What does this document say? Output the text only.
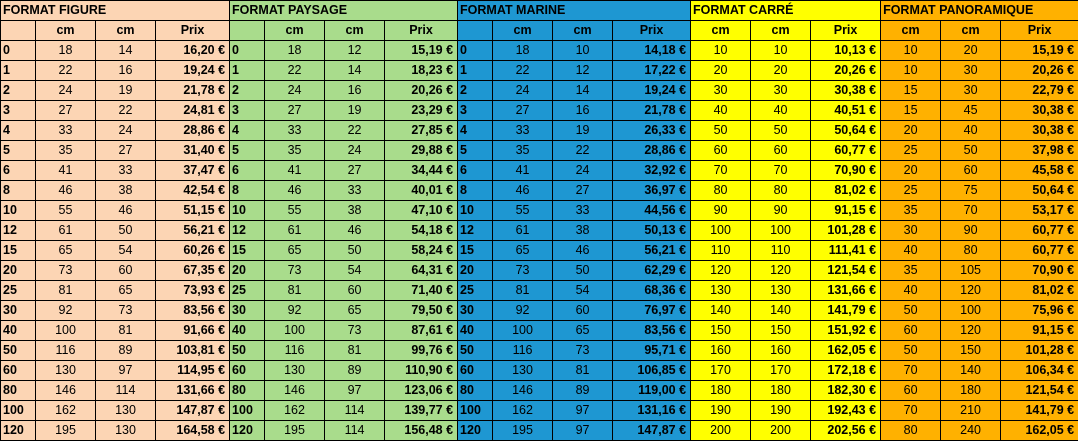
FORMAT FIGURE				FORMAT PAYSAGE				FORMAT MARINE				FORMAT CARRÉ			FORMAT PANORAMIQUE		
	cm	cm	Prix		cm	cm	Prix		cm	cm	Prix	cm	cm	Prix	cm	cm	Prix
0	18	14	16,20 €	0	18	12	15,19 €	0	18	10	14,18 €	10	10	10,13 €	10	20	15,19 €
1	22	16	19,24 €	1	22	14	18,23 €	1	22	12	17,22 €	20	20	20,26 €	10	30	20,26 €
2	24	19	21,78 €	2	24	16	20,26 €	2	24	14	19,24 €	30	30	30,38 €	15	30	22,79 €
3	27	22	24,81 €	3	27	19	23,29 €	3	27	16	21,78 €	40	40	40,51 €	15	45	30,38 €
4	33	24	28,86 €	4	33	22	27,85 €	4	33	19	26,33 €	50	50	50,64 €	20	40	30,38 €
5	35	27	31,40 €	5	35	24	29,88 €	5	35	22	28,86 €	60	60	60,77 €	25	50	37,98 €
6	41	33	37,47 €	6	41	27	34,44 €	6	41	24	32,92 €	70	70	70,90 €	20	60	45,58 €
8	46	38	42,54 €	8	46	33	40,01 €	8	46	27	36,97 €	80	80	81,02 €	25	75	50,64 €
10	55	46	51,15 €	10	55	38	47,10 €	10	55	33	44,56 €	90	90	91,15 €	35	70	53,17 €
12	61	50	56,21 €	12	61	46	54,18 €	12	61	38	50,13 €	100	100	101,28 €	30	90	60,77 €
15	65	54	60,26 €	15	65	50	58,24 €	15	65	46	56,21 €	110	110	111,41 €	40	80	60,77 €
20	73	60	67,35 €	20	73	54	64,31 €	20	73	50	62,29 €	120	120	121,54 €	35	105	70,90 €
25	81	65	73,93 €	25	81	60	71,40 €	25	81	54	68,36 €	130	130	131,66 €	40	120	81,02 €
30	92	73	83,56 €	30	92	65	79,50 €	30	92	60	76,97 €	140	140	141,79 €	50	100	75,96 €
40	100	81	91,66 €	40	100	73	87,61 €	40	100	65	83,56 €	150	150	151,92 €	60	120	91,15 €
50	116	89	103,81 €	50	116	81	99,76 €	50	116	73	95,71 €	160	160	162,05 €	50	150	101,28 €
60	130	97	114,95 €	60	130	89	110,90 €	60	130	81	106,85 €	170	170	172,18 €	70	140	106,34 €
80	146	114	131,66 €	80	146	97	123,06 €	80	146	89	119,00 €	180	180	182,30 €	60	180	121,54 €
100	162	130	147,87 €	100	162	114	139,77 €	100	162	97	131,16 €	190	190	192,43 €	70	210	141,79 €
120	195	130	164,58 €	120	195	114	156,48 €	120	195	97	147,87 €	200	200	202,56 €	80	240	162,05 €
